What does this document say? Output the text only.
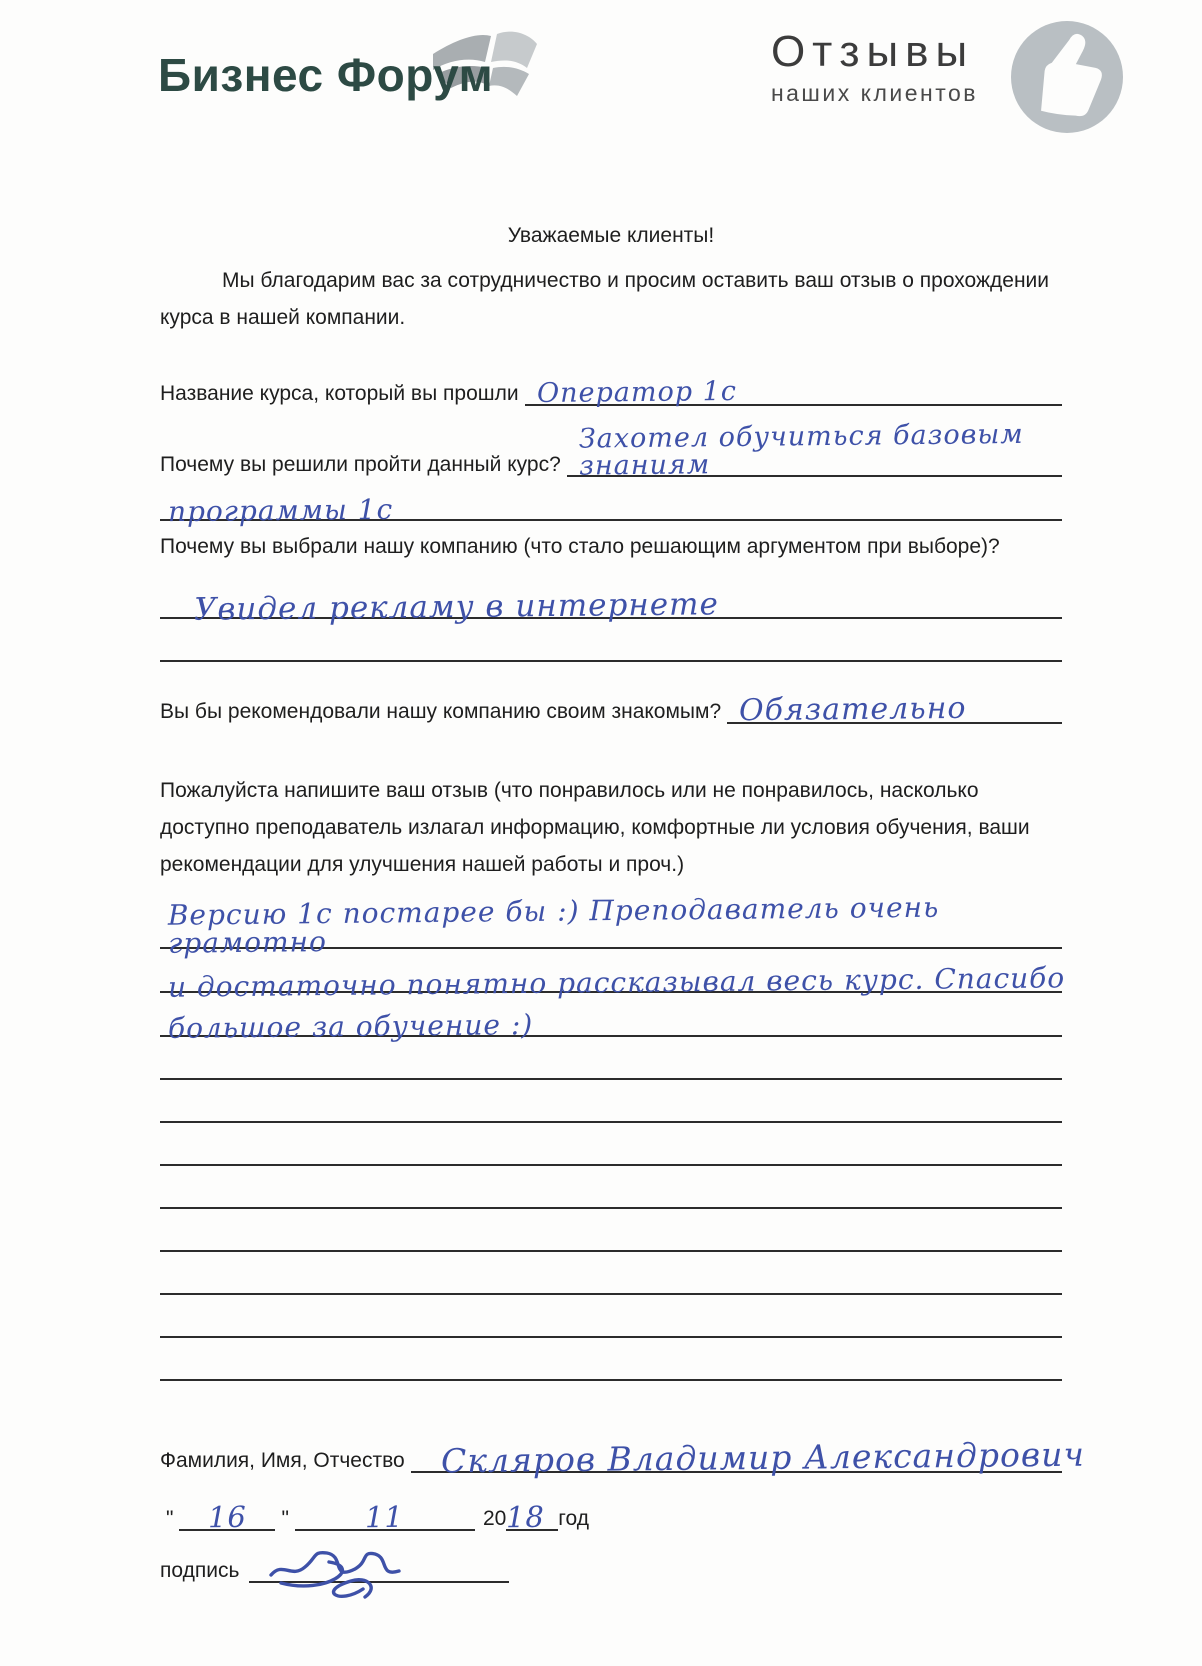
Бизнес Форум	Отзывы
наших клиентов
Уважаемые клиенты!

Мы благодарим вас за сотрудничество и просим оставить ваш отзыв о прохождении курса в нашей компании.

Название курса, который вы прошли Оператор 1с
Почему вы решили пройти данный курс?
Захотел обучиться базовым знаниям
программы 1с
Почему вы выбрали нашу компанию (что стало решающим аргументом при выборе)?
Увидел рекламу в интернете
Вы бы рекомендовали нашу компанию своим знакомым? Обязательно

Пожалуйста напишите ваш отзыв (что понравилось или не понравилось, насколько доступно преподаватель излагал информацию, комфортные ли условия обучения, ваши рекомендации для улучшения нашей работы и проч.)

Версию 1с постарее бы :) Преподаватель очень грамотно
и достаточно понятно рассказывал весь курс. Спасибо
большое за обучение :)
Фамилия, Имя, Отчество	Скляров Владимир Александрович
"	16	"	11	20 18 год
подпись
